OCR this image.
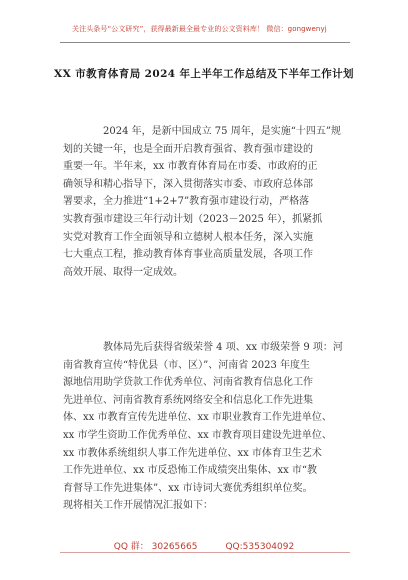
关注头条号“公文研究”，获得最新最全最专业的公文资料库！ 微信：gongwenyj
XX 市教育体育局 2024 年上半年工作总结及下半年工作计划
2024 年，是新中国成立 75 周年，是实施“十四五”规
划的关键一年，也是全面开启教育强省、教育强市建设的
重要一年。半年来，xx 市教育体育局在市委、市政府的正
确领导和精心指导下，深入贯彻落实市委、市政府总体部
署要求，全力推进“1+2+7”教育强市建设行动，严格落
实教育强市建设三年行动计划（2023－2025 年），抓紧抓
实党对教育工作全面领导和立德树人根本任务，深入实施
七大重点工程，推动教育体育事业高质量发展，各项工作
高效开展、取得一定成效。
教体局先后获得省级荣誉 4 项、xx 市级荣誉 9 项：河
南省教育宣传“特优县（市、区）”、河南省 2023 年度生
源地信用助学贷款工作优秀单位、河南省教育信息化工作
先进单位、河南省教育系统网络安全和信息化工作先进集
体、xx 市教育宣传先进单位、xx 市职业教育工作先进单位、
xx 市学生资助工作优秀单位、xx 市教育项目建设先进单位、
xx 市教体系统组织人事工作先进单位、xx 市体育卫生艺术
工作先进单位、xx 市反恐怖工作成绩突出集体、xx 市“教
育督导工作先进集体”、xx 市诗词大赛优秀组织单位奖。
现将相关工作开展情况汇报如下：
QQ 群： 30265665	QQ:535304092
